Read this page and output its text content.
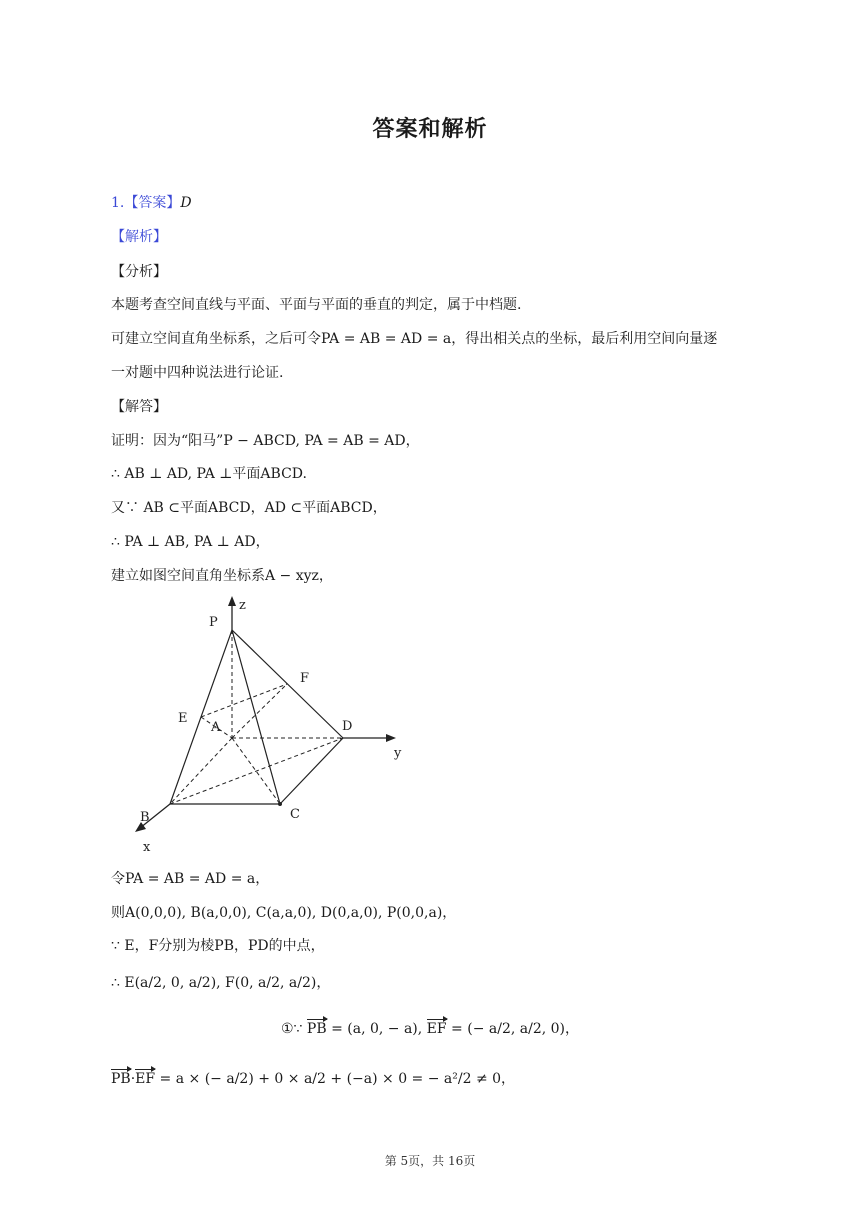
答案和解析
1.【答案】D
【解析】
【分析】
本题考查空间直线与平面、平面与平面的垂直的判定，属于中档题.
可建立空间直角坐标系，之后可令PA = AB = AD = a，得出相关点的坐标，最后利用空间向量逐
一对题中四种说法进行论证.
【解答】
证明：因为“阳马”P − ABCD, PA = AB = AD，
∴ AB ⊥ AD, PA ⊥平面ABCD.
又∵ AB ⊂平面ABCD，AD ⊂平面ABCD，
∴ PA ⊥ AB, PA ⊥ AD，
建立如图空间直角坐标系A − xyz，
z
P
F
E
A	D
y
B	C
x
令PA = AB = AD = a，
则A(0,0,0), B(a,0,0), C(a,a,0), D(0,a,0), P(0,0,a)，
∵ E，F分别为棱PB，PD的中点，
∴ E(a/2, 0, a/2), F(0, a/2, a/2)，
①∵ PB = (a, 0, − a), EF = (− a/2, a/2, 0)，
PB·EF = a × (− a/2) + 0 × a/2 + (−a) × 0 = − a²/2 ≠ 0，
第 5页，共 16页
